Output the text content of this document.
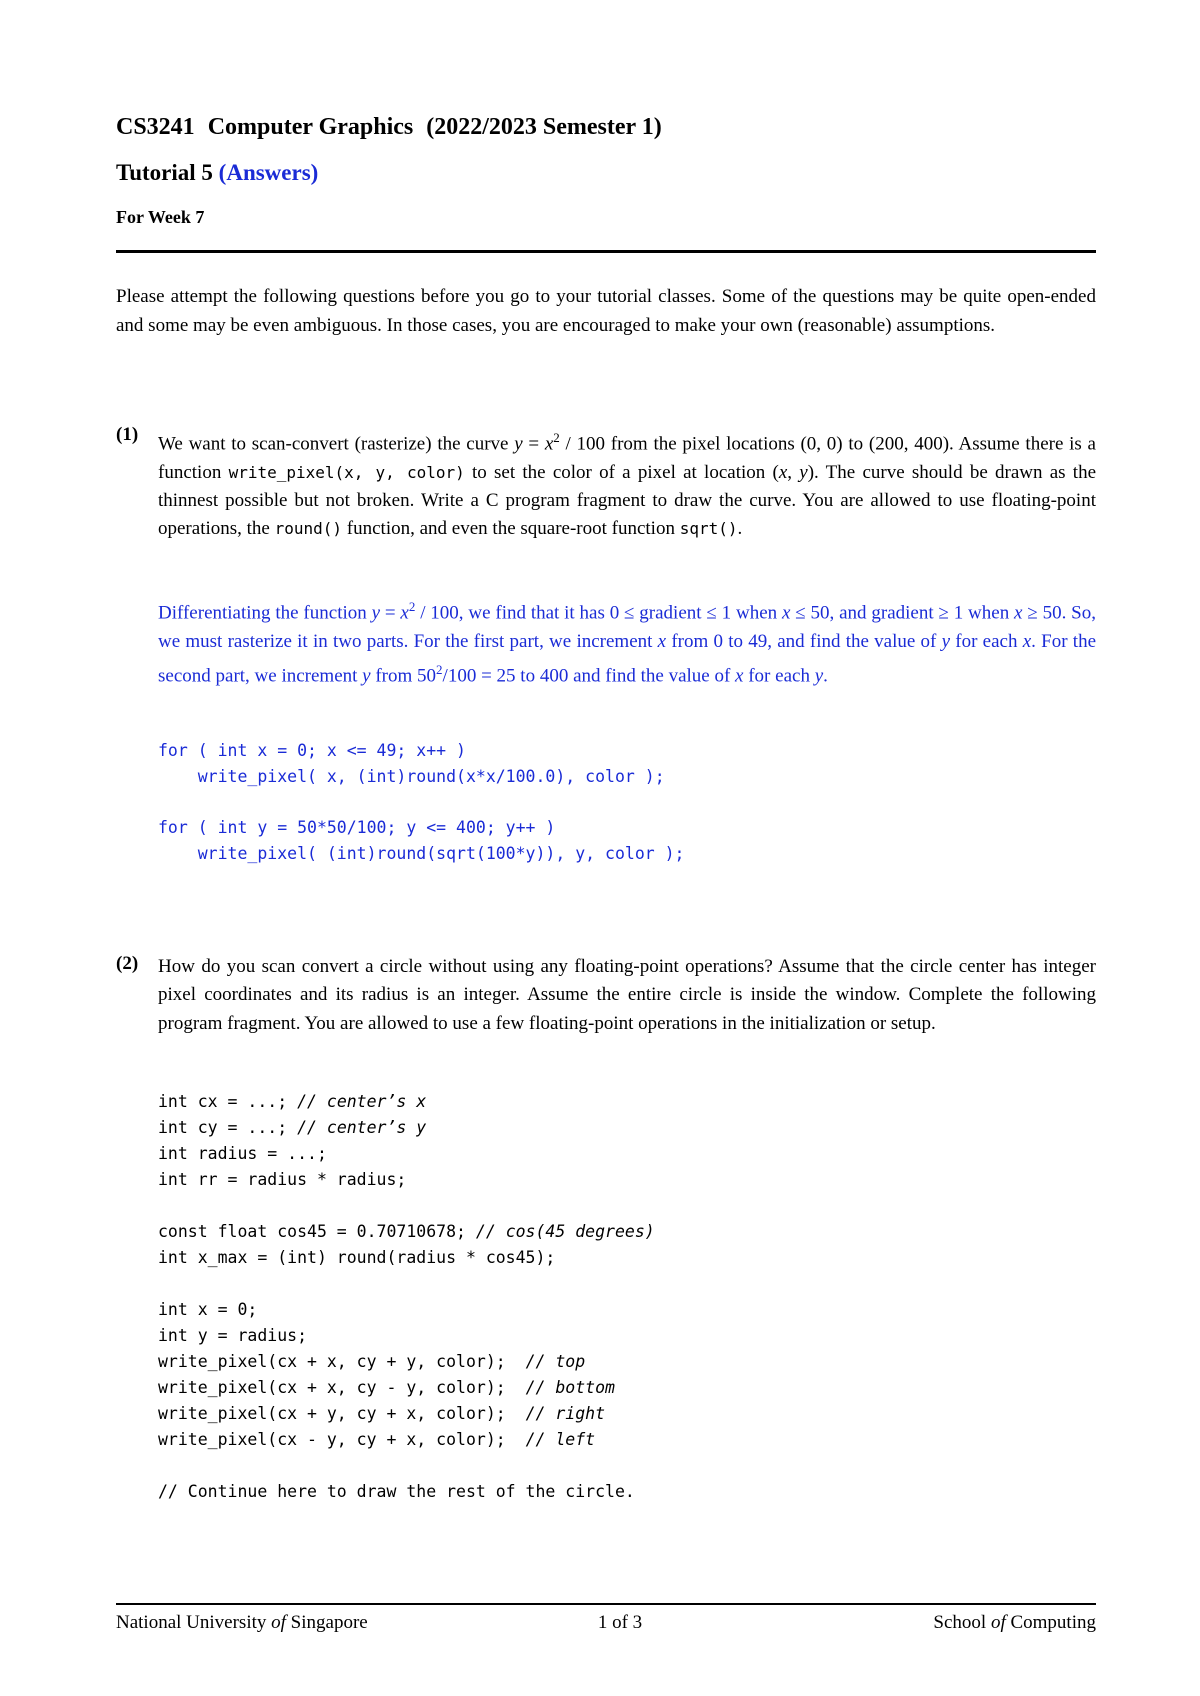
CS3241 Computer Graphics (2022/2023 Semester 1)
Tutorial 5 (Answers)
For Week 7
Please attempt the following questions before you go to your tutorial classes. Some of the questions may be quite open-ended and some may be even ambiguous. In those cases, you are encouraged to make your own (reasonable) assumptions.
(1) We want to scan-convert (rasterize) the curve $y = x^2 / 100$ from the pixel locations (0, 0) to (200, 400). Assume there is a function write_pixel(x, y, color) to set the color of a pixel at location (x, y). The curve should be drawn as the thinnest possible but not broken. Write a C program fragment to draw the curve. You are allowed to use floating-point operations, the round() function, and even the square-root function sqrt().
Differentiating the function $y = x^2 / 100$, we find that it has 0 ≤ gradient ≤ 1 when x ≤ 50, and gradient ≥ 1 when x ≥ 50. So, we must rasterize it in two parts. For the first part, we increment x from 0 to 49, and find the value of y for each x. For the second part, we increment y from $50^2/100 = 25$ to 400 and find the value of x for each y.
for ( int x = 0; x <= 49; x++ )
write_pixel( x, (int)round(x*x/100.0), color );
for ( int y = 50*50/100; y <= 400; y++ )
write_pixel( (int)round(sqrt(100*y)), y, color );
(2) How do you scan convert a circle without using any floating-point operations? Assume that the circle center has integer pixel coordinates and its radius is an integer. Assume the entire circle is inside the window. Complete the following program fragment. You are allowed to use a few floating-point operations in the initialization or setup.
int cx = ...; // center’s x
int cy = ...; // center’s y
int radius = ...;
int rr = radius * radius;

const float cos45 = 0.70710678; // cos(45 degrees)
int x_max = (int) round(radius * cos45);

int x = 0;
int y = radius;
write_pixel(cx + x, cy + y, color);  // top
write_pixel(cx + x, cy - y, color);  // bottom
write_pixel(cx + y, cy + x, color);  // right
write_pixel(cx - y, cy + x, color);  // left

// Continue here to draw the rest of the circle.
National University of Singapore	1 of 3	School of Computing
